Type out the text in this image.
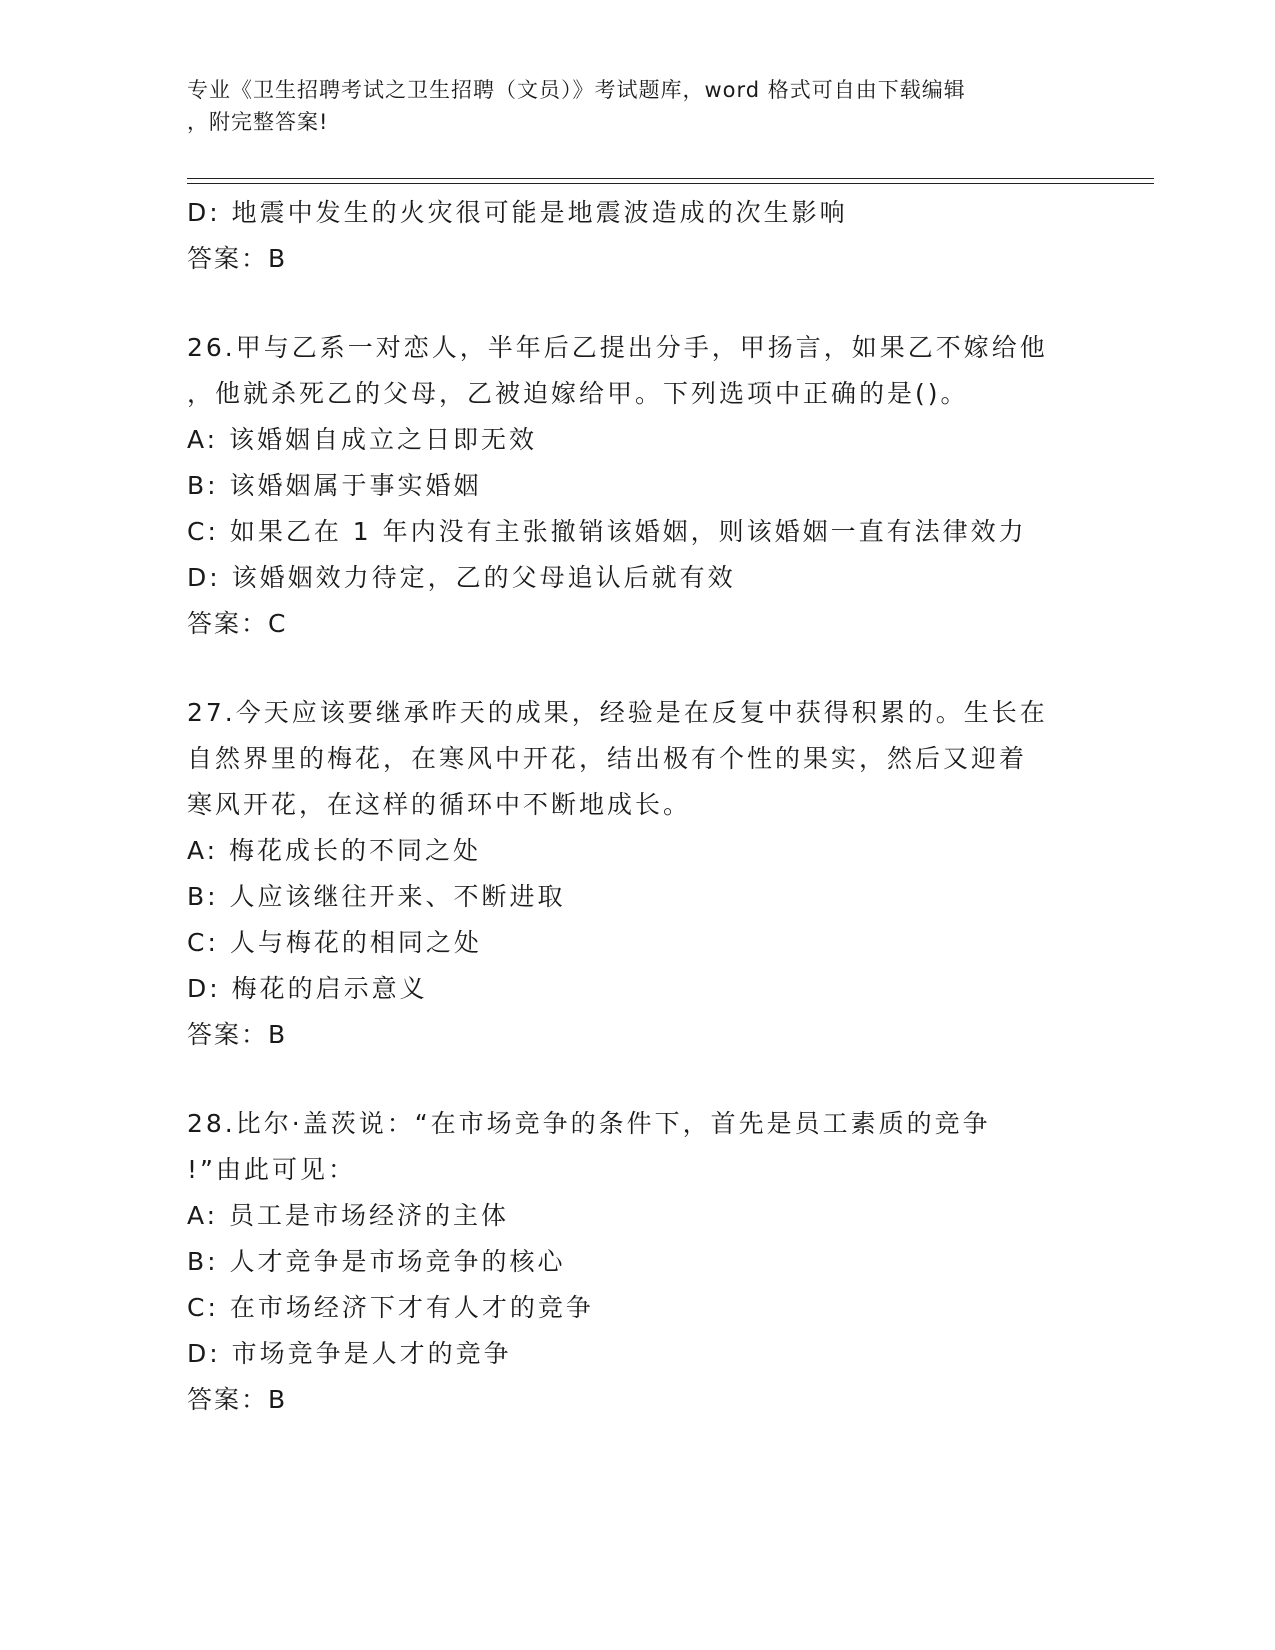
专业《卫生招聘考试之卫生招聘（文员）》考试题库，word 格式可自由下载编辑
，附完整答案!
D: 地震中发生的火灾很可能是地震波造成的次生影响
答案：B
26.甲与乙系一对恋人，半年后乙提出分手，甲扬言，如果乙不嫁给他
，他就杀死乙的父母，乙被迫嫁给甲。下列选项中正确的是()。
A: 该婚姻自成立之日即无效
B: 该婚姻属于事实婚姻
C: 如果乙在 1 年内没有主张撤销该婚姻，则该婚姻一直有法律效力
D: 该婚姻效力待定，乙的父母追认后就有效
答案：C
27.今天应该要继承昨天的成果，经验是在反复中获得积累的。生长在
自然界里的梅花，在寒风中开花，结出极有个性的果实，然后又迎着
寒风开花，在这样的循环中不断地成长。
A: 梅花成长的不同之处
B: 人应该继往开来、不断进取
C: 人与梅花的相同之处
D: 梅花的启示意义
答案：B
28.比尔·盖茨说：“在市场竞争的条件下，首先是员工素质的竞争
!”由此可见：
A: 员工是市场经济的主体
B: 人才竞争是市场竞争的核心
C: 在市场经济下才有人才的竞争
D: 市场竞争是人才的竞争
答案：B
